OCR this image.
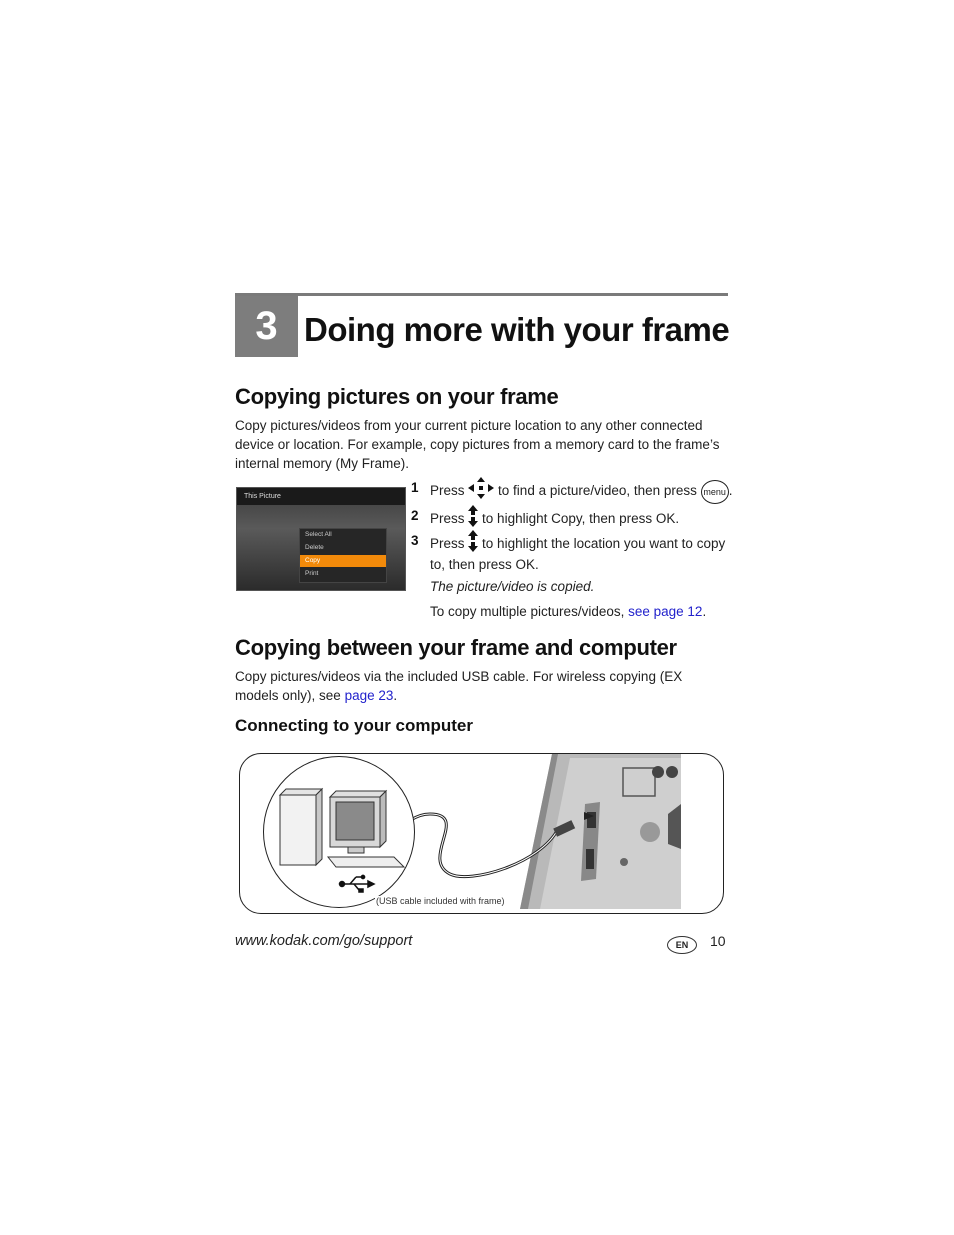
3 Doing more with your frame
Copying pictures on your frame
Copy pictures/videos from your current picture location to any other connected device or location. For example, copy pictures from a memory card to the frame’s internal memory (My Frame).
This Picture
Select All
Delete
Copy
Print
1 Press to find a picture/video, then press menu .
2 Press to highlight Copy, then press OK.
3 Press to highlight the location you want to copy
to, then press OK.
The picture/video is copied.
To copy multiple pictures/videos, see page 12.
Copying between your frame and computer
Copy pictures/videos via the included USB cable. For wireless copying (EX models only), see page 23.
Connecting to your computer
(USB cable included with frame)
www.kodak.com/go/support	EN	10
